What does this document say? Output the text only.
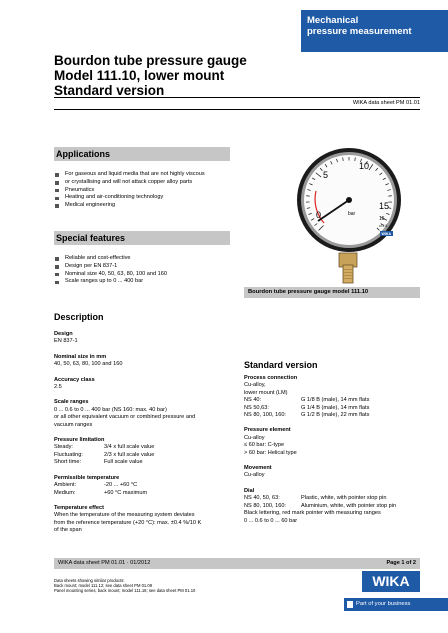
Mechanical
pressure measurement
Bourdon tube pressure gauge
Model 111.10, lower mount
Standard version
WIKA data sheet PM 01.01
Applications
For gaseous and liquid media that are not highly viscous
or crystallising and will not attack copper alloy parts
Pneumatics
Heating and air-conditioning technology
Medical engineering
Special features
Reliable and cost-effective
Design per EN 837-1
Nominal size 40, 50, 63, 80, 100 and 160
Scale ranges up to 0 ... 400 bar
0
5
10
15
16
bar
cl 2.5
WIKA
Bourdon tube pressure gauge model 111.10
Description
Design
EN 837-1
Nominal size in mm
40, 50, 63, 80, 100 and 160
Accuracy class
2.5
Scale ranges
0 ... 0.6 to 0 ... 400 bar (NS 160: max. 40 bar)
or all other equivalent vacuum or combined pressure and
vacuum ranges
Pressure limitation
Steady:	3/4 x full scale value
Fluctuating:	2/3 x full scale value
Short time:	Full scale value
Permissible temperature
Ambient:	-20 ... +60 °C
Medium:	+60 °C maximum
Temperature effect
When the temperature of the measuring system deviates
from the reference temperature (+20 °C): max. ±0.4 %/10 K
of the span
Standard version
Process connection
Cu-alloy,
lower mount (LM)
NS 40:	G 1/8 B (male), 14 mm flats
NS 50,63:	G 1/4 B (male), 14 mm flats
NS 80, 100, 160:	G 1/2 B (male), 22 mm flats
Pressure element
Cu-alloy
≤ 60 bar: C-type
> 60 bar: Helical type
Movement
Cu-alloy
Dial
NS 40, 50, 63:	Plastic, white, with pointer stop pin
NS 80, 100, 160:	Aluminium, white, with pointer stop pin
Black lettering, red mark pointer with measuring ranges
0 ... 0.6 to 0 ... 60 bar
WIKA data sheet PM 01.01 · 01/2012	Page 1 of 2
Data sheets showing similar products:
Back mount; model 111.12; see data sheet PM 01.09
Panel mounting series, back mount; model 111.16; see data sheet PM 01.10
WIKA
Part of your business
